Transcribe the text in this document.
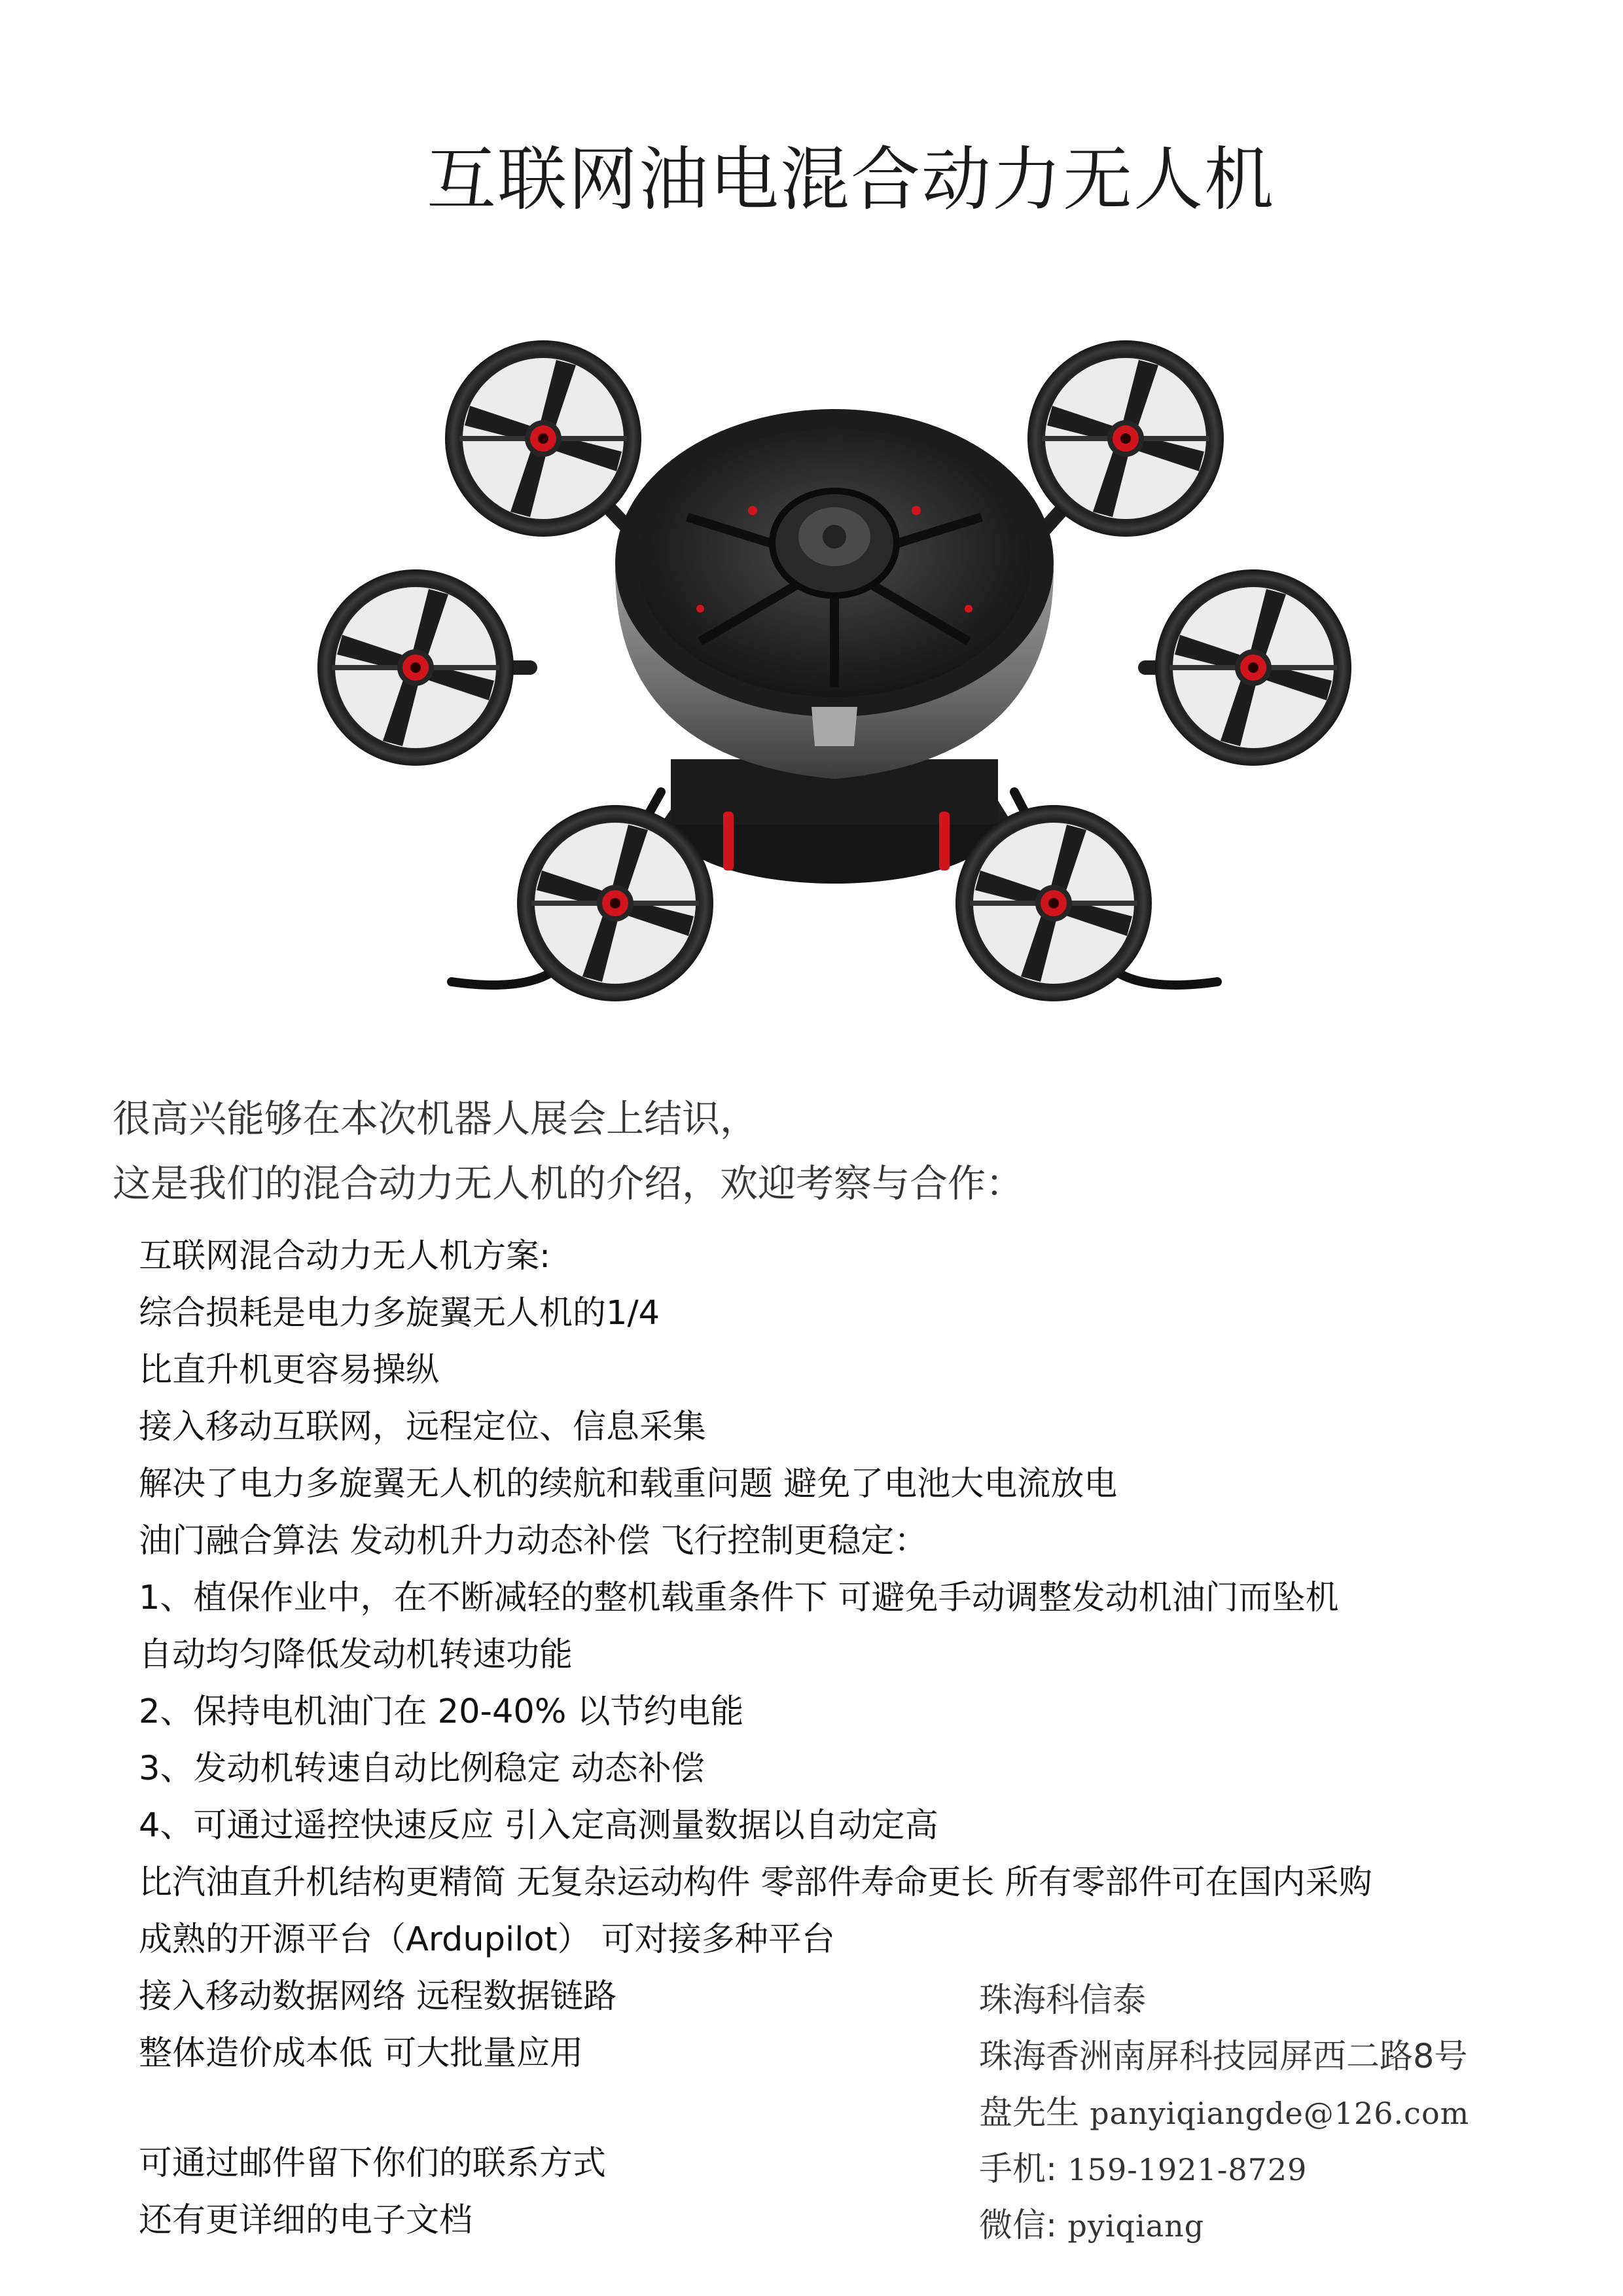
互联网油电混合动力无人机
很高兴能够在本次机器人展会上结识，
这是我们的混合动力无人机的介绍，欢迎考察与合作：
互联网混合动力无人机方案:
综合损耗是电力多旋翼无人机的1/4
比直升机更容易操纵
接入移动互联网，远程定位、信息采集
解决了电力多旋翼无人机的续航和载重问题 避免了电池大电流放电
油门融合算法 发动机升力动态补偿 飞行控制更稳定：
1、植保作业中，在不断减轻的整机载重条件下 可避免手动调整发动机油门而坠机
自动均匀降低发动机转速功能
2、保持电机油门在 20-40% 以节约电能
3、发动机转速自动比例稳定 动态补偿
4、可通过遥控快速反应 引入定高测量数据以自动定高
比汽油直升机结构更精简 无复杂运动构件 零部件寿命更长 所有零部件可在国内采购
成熟的开源平台（Ardupilot） 可对接多种平台
接入移动数据网络 远程数据链路
整体造价成本低 可大批量应用
可通过邮件留下你们的联系方式
还有更详细的电子文档
珠海科信泰
珠海香洲南屏科技园屏西二路8号
盘先生 panyiqiangde@126.com
手机: 159-1921-8729
微信: pyiqiang
